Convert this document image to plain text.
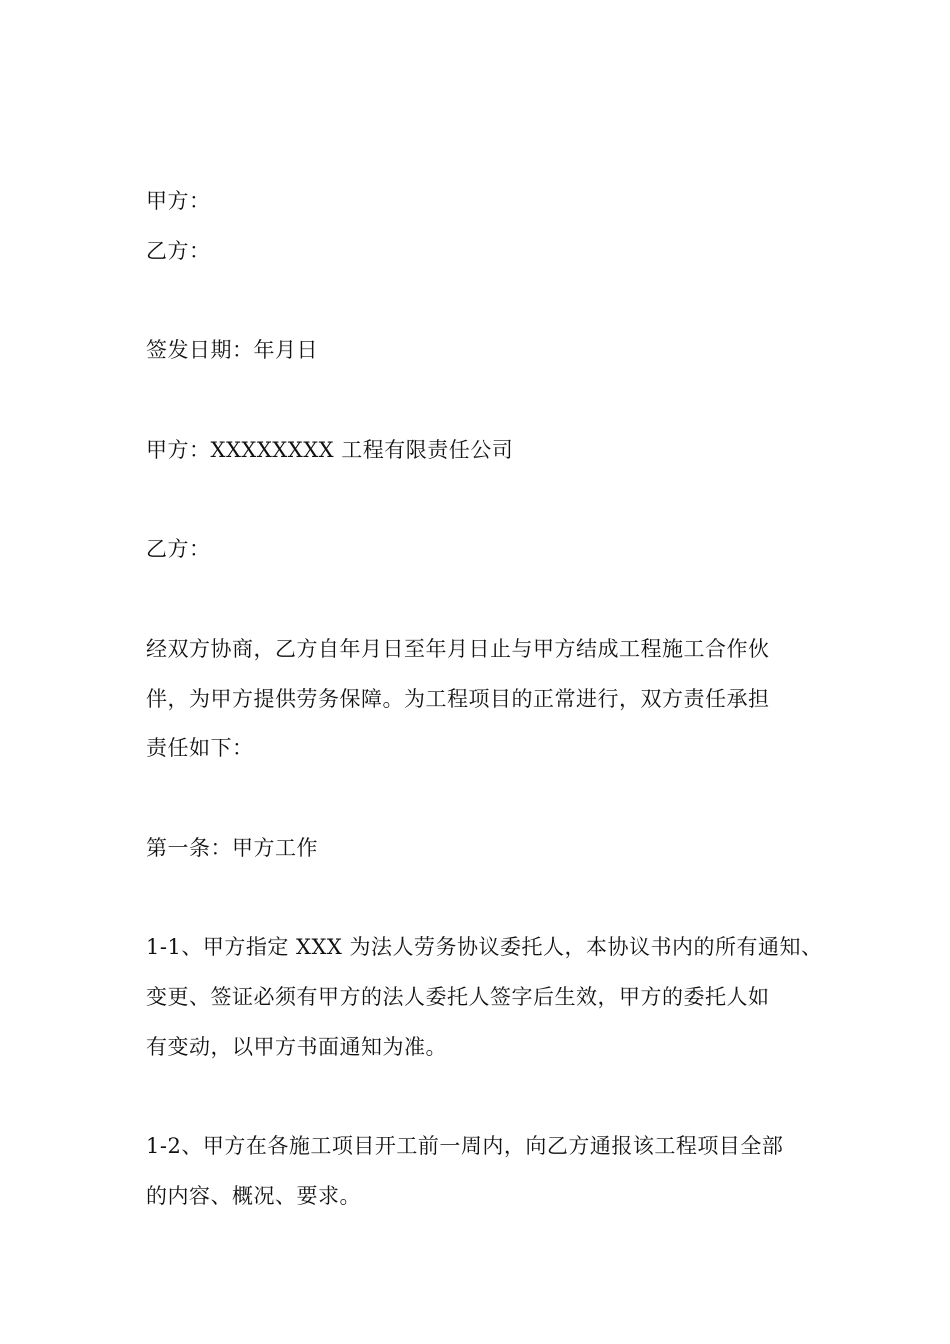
甲方：

乙方：

签发日期：年月日

甲方：XXXXXXXX 工程有限责任公司

乙方：

经双方协商，乙方自年月日至年月日止与甲方结成工程施工合作伙

伴，为甲方提供劳务保障。为工程项目的正常进行，双方责任承担

责任如下：

第一条：甲方工作

1-1、甲方指定 XXX 为法人劳务协议委托人，本协议书内的所有通知、

变更、签证必须有甲方的法人委托人签字后生效，甲方的委托人如

有变动，以甲方书面通知为准。

1-2、甲方在各施工项目开工前一周内，向乙方通报该工程项目全部

的内容、概况、要求。
